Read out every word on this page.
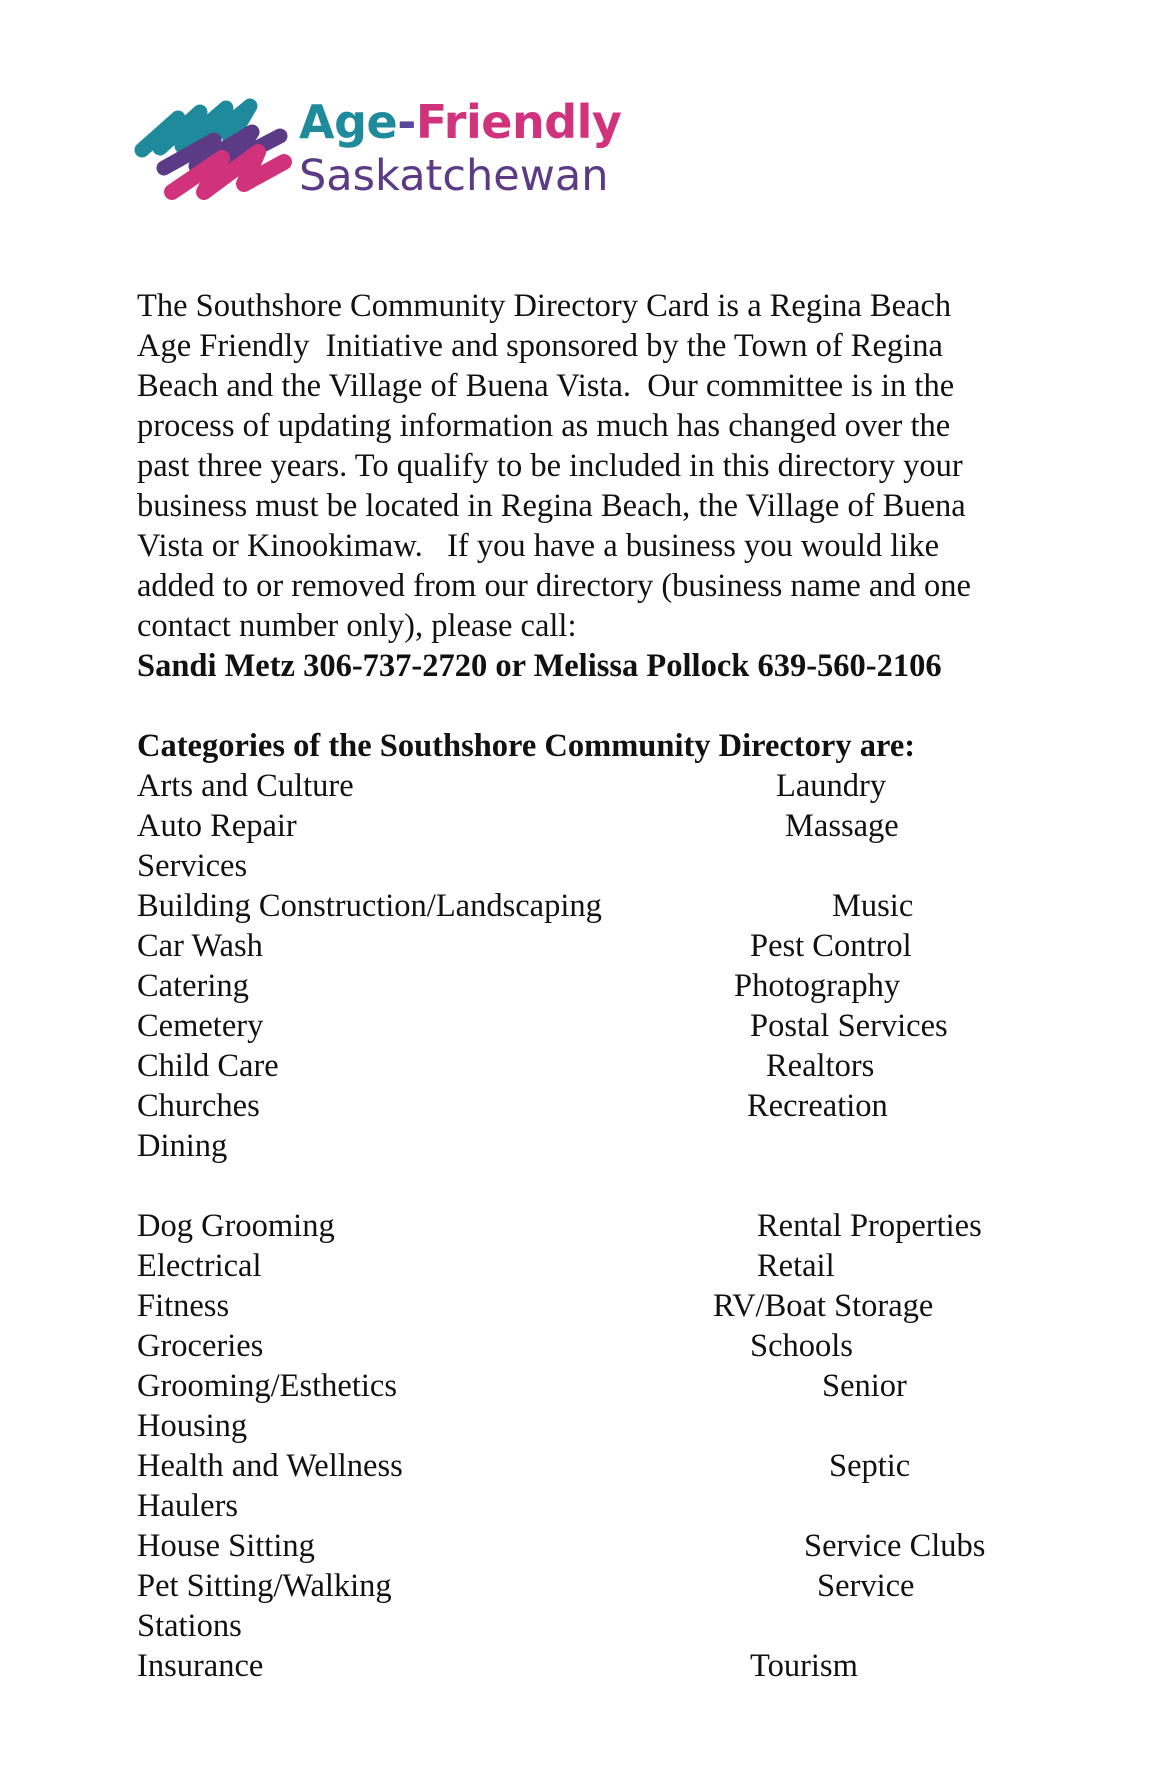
Age-Friendly
Saskatchewan
The Southshore Community Directory Card is a Regina Beach
Age Friendly  Initiative and sponsored by the Town of Regina
Beach and the Village of Buena Vista.  Our committee is in the
process of updating information as much has changed over the
past three years. To qualify to be included in this directory your
business must be located in Regina Beach, the Village of Buena
Vista or Kinookimaw.   If you have a business you would like
added to or removed from our directory (business name and one
contact number only), please call:
Sandi Metz 306-737-2720 or Melissa Pollock 639-560-2106
Categories of the Southshore Community Directory are:
Arts and Culture
Auto Repair
Services
Building Construction/Landscaping
Car Wash
Catering
Cemetery
Child Care
Churches
Dining
Dog Grooming
Electrical
Fitness
Groceries
Grooming/Esthetics
Housing
Health and Wellness
Haulers
House Sitting
Pet Sitting/Walking
Stations
Insurance
Laundry
Massage
Music
Pest Control
Photography
Postal Services
Realtors
Recreation
Rental Properties
Retail
RV/Boat Storage
Schools
Senior
Septic
Service Clubs
Service
Tourism
